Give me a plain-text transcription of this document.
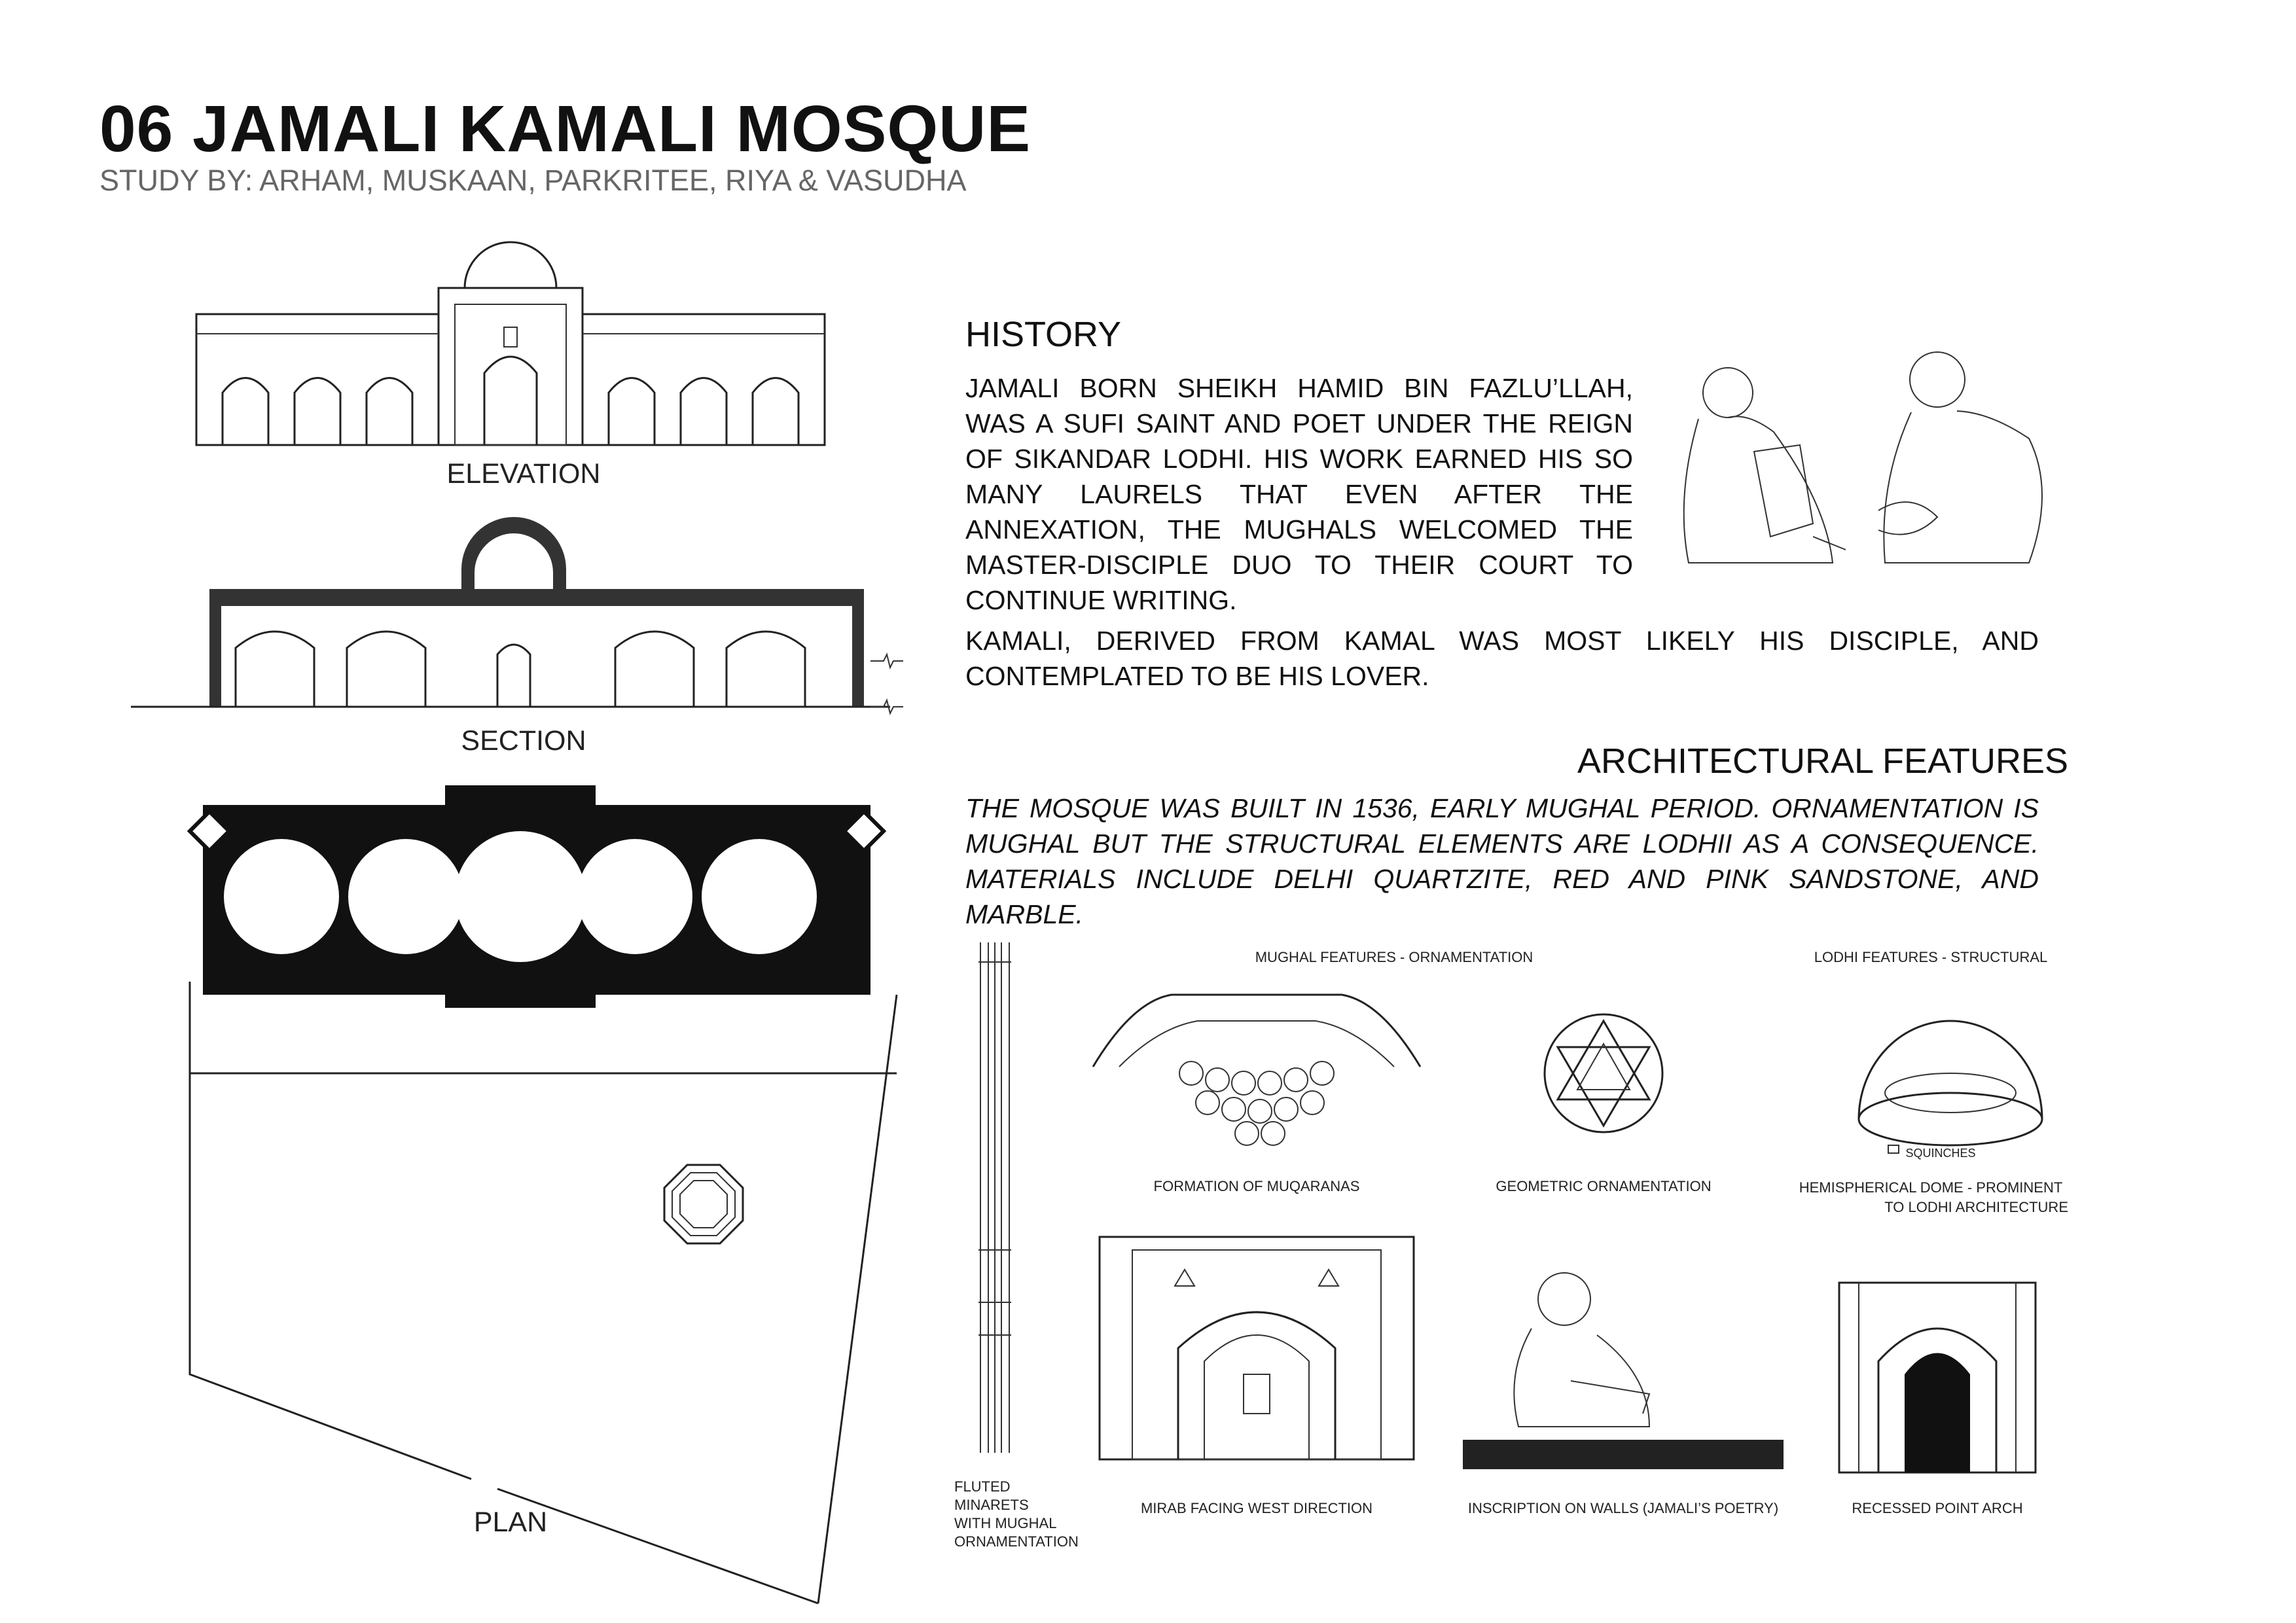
06 JAMALI KAMALI MOSQUE
STUDY BY: ARHAM, MUSKAAN, PARKRITEE, RIYA & VASUDHA
ELEVATION
SECTION
PLAN
HISTORY
JAMALI BORN SHEIKH HAMID BIN FAZLU’LLAH, WAS A SUFI SAINT AND POET UNDER THE REIGN OF SIKANDAR LODHI. HIS WORK EARNED HIS SO MANY LAURELS THAT EVEN AFTER THE ANNEXATION, THE MUGHALS WELCOMED THE MASTER-DISCIPLE DUO TO THEIR COURT TO CONTINUE WRITING.
KAMALI, DERIVED FROM KAMAL WAS MOST LIKELY HIS DISCIPLE, AND CONTEMPLATED TO BE HIS LOVER.
ARCHITECTURAL FEATURES
THE MOSQUE WAS BUILT IN 1536, EARLY MUGHAL PERIOD. ORNAMENTATION IS MUGHAL BUT THE STRUCTURAL ELEMENTS ARE LODHII AS A CONSEQUENCE. MATERIALS INCLUDE DELHI QUARTZITE, RED AND PINK SANDSTONE, AND MARBLE.
MUGHAL FEATURES - ORNAMENTATION	LODHI FEATURES - STRUCTURAL
FLUTED MINARETS
WITH MUGHAL
ORNAMENTATION
FORMATION OF MUQARANAS	GEOMETRIC ORNAMENTATION
SQUINCHES
HEMISPHERICAL DOME - PROMINENT
TO LODHI ARCHITECTURE
MIRAB FACING WEST DIRECTION	INSCRIPTION ON WALLS (JAMALI’S POETRY)	RECESSED POINT ARCH
